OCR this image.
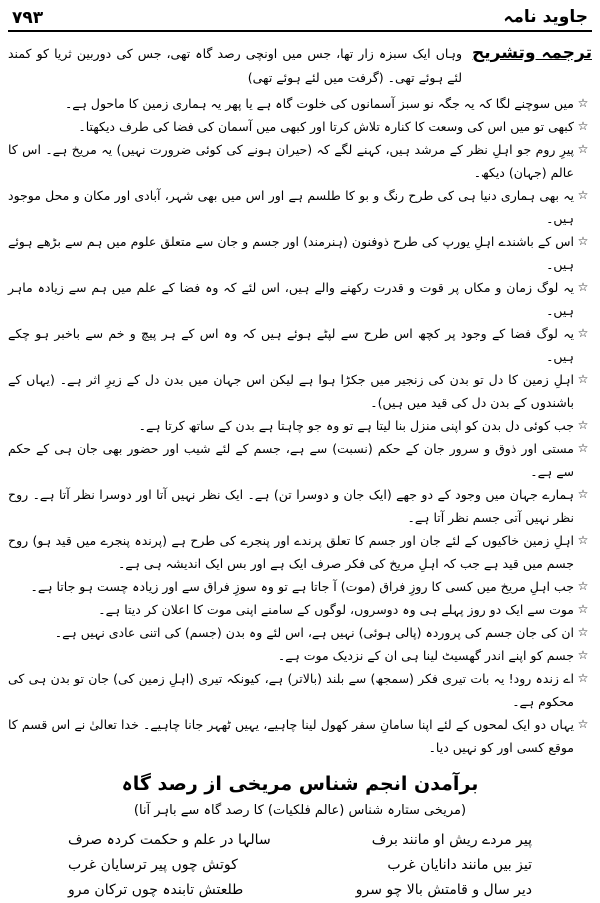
۷۹۳	جاوید نامہ
ترجمہ وتشریح
وہاں ایک سبزہ زار تھا، جس میں اونچی رصد گاہ تھی، جس کی دوربین ثریا کو کمند لئے ہوئے تھی۔ (گرفت میں لئے ہوئے تھی)
☆
میں سوچنے لگا کہ یہ جگہ نو سبز آسمانوں کی خلوت گاہ ہے یا پھر یہ ہماری زمین کا ماحول ہے۔
☆
کبھی تو میں اس کی وسعت کا کنارہ تلاش کرتا اور کبھی میں آسمان کی فضا کی طرف دیکھتا۔
☆
پیرِ روم جو اہلِ نظر کے مرشد ہیں، کہنے لگے کہ (حیران ہونے کی کوئی ضرورت نہیں) یہ مریخ ہے۔ اس کا عالم (جہان) دیکھ۔
☆
یہ بھی ہماری دنیا ہی کی طرح رنگ و بو کا طلسم ہے اور اس میں بھی شہر، آبادی اور مکان و محل موجود ہیں۔
☆
اس کے باشندے اہلِ یورپ کی طرح ذوفنون (ہنرمند) اور جسم و جان سے متعلق علوم میں ہم سے بڑھے ہوئے ہیں۔
☆
یہ لوگ زمان و مکاں پر قوت و قدرت رکھنے والے ہیں، اس لئے کہ وہ فضا کے علم میں ہم سے زیادہ ماہر ہیں۔
☆
یہ لوگ فضا کے وجود پر کچھ اس طرح سے لپٹے ہوئے ہیں کہ وہ اس کے ہر پیچ و خم سے باخبر ہو چکے ہیں۔
☆
اہلِ زمین کا دل تو بدن کی زنجیر میں جکڑا ہوا ہے لیکن اس جہان میں بدن دل کے زیرِ اثر ہے۔ (یہاں کے باشندوں کے بدن دل کی قید میں ہیں)۔
☆
جب کوئی دل بدن کو اپنی منزل بنا لیتا ہے تو وہ جو چاہتا ہے بدن کے ساتھ کرتا ہے۔
☆
مستی اور ذوق و سرور جان کے حکم (نسبت) سے ہے، جسم کے لئے شیب اور حضور بھی جان ہی کے حکم سے ہے۔
☆
ہمارے جہان میں وجود کے دو جھے (ایک جان و دوسرا تن) ہے۔ ایک نظر نہیں آتا اور دوسرا نظر آتا ہے۔ روح نظر نہیں آتی جسم نظر آتا ہے۔
☆
اہلِ زمین خاکیوں کے لئے جان اور جسم کا تعلق پرندے اور پنجرے کی طرح ہے (پرندہ پنجرے میں قید ہو) روح جسم میں قید ہے جب کہ اہلِ مریخ کی فکر صرف ایک ہے اور بس ایک اندیشہ ہی ہے۔
☆
جب اہلِ مریخ میں کسی کا روزِ فراق (موت) آ جاتا ہے تو وہ سوزِ فراق سے اور زیادہ چست ہو جاتا ہے۔
☆
موت سے ایک دو روز پہلے ہی وہ دوسروں، لوگوں کے سامنے اپنی موت کا اعلان کر دیتا ہے۔
☆
ان کی جان جسم کی پروردہ (پالی ہوئی) نہیں ہے، اس لئے وہ بدن (جسم) کی اتنی عادی نہیں ہے۔
☆
جسم کو اپنے اندر گھسیٹ لینا ہی ان کے نزدیک موت ہے۔
☆
اے زندہ رود! یہ بات تیری فکر (سمجھ) سے بلند (بالاتر) ہے، کیونکہ تیری (اہلِ زمین کی) جان تو بدن ہی کی محکوم ہے۔
☆
یہاں دو ایک لمحوں کے لئے اپنا سامانِ سفر کھول لینا چاہیے، یہیں ٹھہر جانا چاہیے۔ خدا تعالیٰ نے اس قسم کا موقع کسی اور کو نہیں دیا۔
برآمدن انجم شناس مریخی از رصد گاہ
(مریخی ستارہ شناس (عالم فلکیات) کا رصد گاہ سے باہر آنا)
پیر مردے ریش او مانند برف
سالہا در علم و حکمت کردہ صرف
تیز بیں مانند دانایان غرب
کوتش چوں پیر ترسایان غرب
دیر سال و قامتش بالا چو سرو
طلعتش تابندہ چوں ترکان مرو
